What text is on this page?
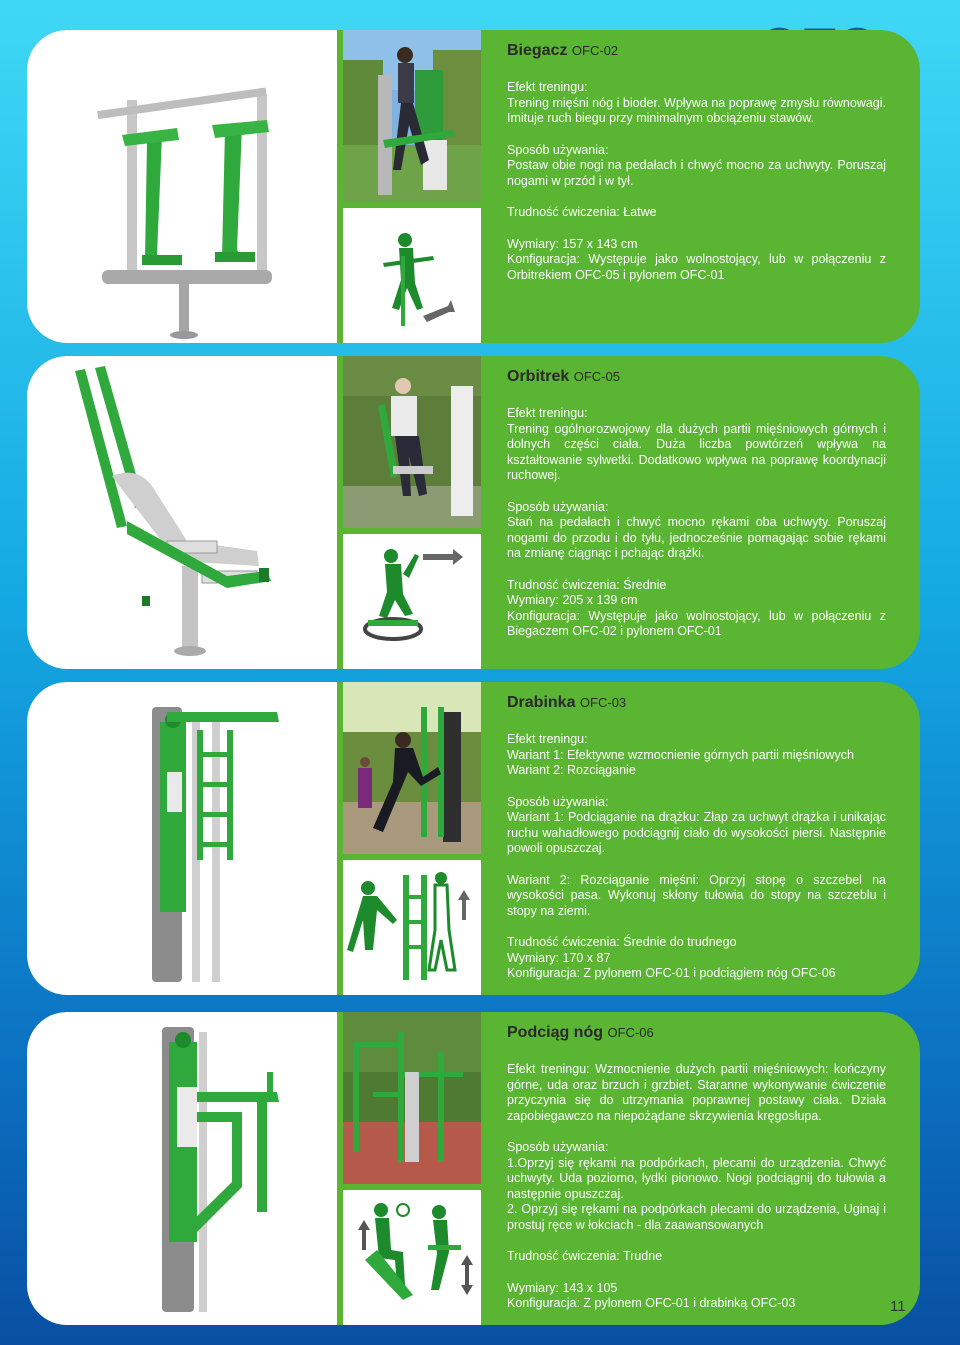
Biegacz OFC-02

Efekt treningu:

Trening mięśni nóg i bioder. Wpływa na poprawę zmysłu równowagi. Imituje ruch biegu przy minimalnym obciążeniu stawów.

Sposób używania:

Postaw obie nogi na pedałach i chwyć mocno za uchwyty. Poruszaj nogami w przód i w tył.

Trudność ćwiczenia: Łatwe

Wymiary: 157 x 143 cm

Konfiguracja: Występuje jako wolnostojący, lub w połączeniu z Orbitrekiem OFC-05 i pylonem OFC-01

Orbitrek OFC-05

Efekt treningu:

Trening ogólnorozwojowy dla dużych partii mięśniowych górnych i dolnych części ciała. Duża liczba powtórzeń wpływa na kształtowanie sylwetki. Dodatkowo wpływa na poprawę koordynacji ruchowej.

Sposób używania:

Stań na pedałach i chwyć mocno rękami oba uchwyty. Poruszaj nogami do przodu i do tyłu, jednocześnie pomagając sobie rękami na zmianę ciągnąc i pchając drążki.

Trudność ćwiczenia: Średnie

Wymiary: 205 x 139 cm

Konfiguracja: Występuje jako wolnostojący, lub w połączeniu z Biegaczem OFC-02 i pylonem OFC-01

Drabinka OFC-03

Efekt treningu:

Wariant 1: Efektywne wzmocnienie górnych partii mięśniowych

Wariant 2: Rozciąganie

Sposób używania:

Wariant 1: Podciąganie na drążku: Złap za uchwyt drążka i unikając ruchu wahadłowego podciągnij ciało do wysokości piersi. Następnie powoli opuszczaj.

Wariant 2: Rozciąganie mięśni: Oprzyj stopę o szczebel na wysokości pasa. Wykonuj skłony tułowia do stopy na szczeblu i stopy na ziemi.

Trudność ćwiczenia: Średnie do trudnego

Wymiary: 170 x 87

Konfiguracja: Z pylonem OFC-01 i podciągiem nóg OFC-06

Podciąg nóg OFC-06

Efekt treningu: Wzmocnienie dużych partii mięśniowych: kończyny górne, uda oraz brzuch i grzbiet. Staranne wykonywanie ćwiczenie przyczynia się do utrzymania poprawnej postawy ciała. Działa zapobiegawczo na niepożądane skrzywienia kręgosłupa.

Sposób używania:

1.Oprzyj się rękami na podpórkach, plecami do urządzenia. Chwyć uchwyty. Uda poziomo, łydki pionowo. Nogi podciągnij do tułowia a następnie opuszczaj.

2. Oprzyj się rękami na podpórkach plecami do urządzenia, Uginaj i prostuj ręce w łokciach - dla zaawansowanych

Trudność ćwiczenia: Trudne

Wymiary: 143 x 105

Konfiguracja: Z pylonem OFC-01 i drabinką OFC-03	11
